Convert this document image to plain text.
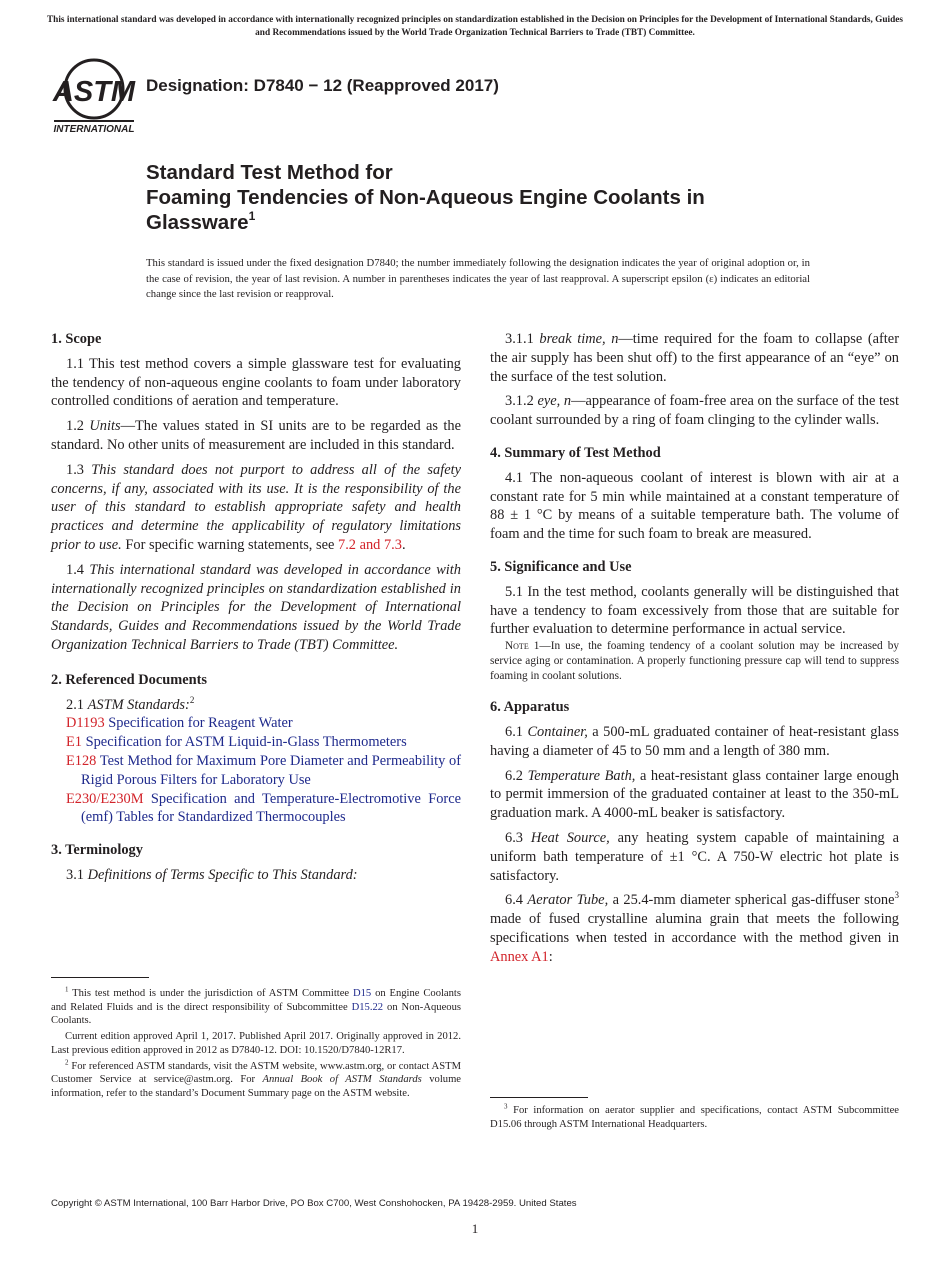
This international standard was developed in accordance with internationally recognized principles on standardization established in the Decision on Principles for the Development of International Standards, Guides and Recommendations issued by the World Trade Organization Technical Barriers to Trade (TBT) Committee.
ASTM
INTERNATIONAL
Designation: D7840 − 12 (Reapproved 2017)
Standard Test Method for
Foaming Tendencies of Non-Aqueous Engine Coolants in
Glassware$^1$
This standard is issued under the fixed designation D7840; the number immediately following the designation indicates the year of original adoption or, in the case of revision, the year of last revision. A number in parentheses indicates the year of last reapproval. A superscript epsilon (ε) indicates an editorial change since the last revision or reapproval.
1. Scope

1.1 This test method covers a simple glassware test for evaluating the tendency of non-aqueous engine coolants to foam under laboratory controlled conditions of aeration and temperature.

1.2 Units—The values stated in SI units are to be regarded as the standard. No other units of measurement are included in this standard.

1.3 This standard does not purport to address all of the safety concerns, if any, associated with its use. It is the responsibility of the user of this standard to establish appropriate safety and health practices and determine the applicability of regulatory limitations prior to use. For specific warning statements, see 7.2 and 7.3.

1.4 This international standard was developed in accordance with internationally recognized principles on standardization established in the Decision on Principles for the Development of International Standards, Guides and Recommendations issued by the World Trade Organization Technical Barriers to Trade (TBT) Committee.

2. Referenced Documents

2.1 ASTM Standards:$^2$

D1193 Specification for Reagent Water
E1 Specification for ASTM Liquid-in-Glass Thermometers
E128 Test Method for Maximum Pore Diameter and Permeability of Rigid Porous Filters for Laboratory Use
E230/E230M Specification and Temperature-Electromotive Force (emf) Tables for Standardized Thermocouples
3. Terminology

3.1 Definitions of Terms Specific to This Standard:

$^1$ This test method is under the jurisdiction of ASTM Committee D15 on Engine Coolants and Related Fluids and is the direct responsibility of Subcommittee D15.22 on Non-Aqueous Coolants.

Current edition approved April 1, 2017. Published April 2017. Originally approved in 2012. Last previous edition approved in 2012 as D7840-12. DOI: 10.1520/D7840-12R17.

$^2$ For referenced ASTM standards, visit the ASTM website, www.astm.org, or contact ASTM Customer Service at service@astm.org. For Annual Book of ASTM Standards volume information, refer to the standard’s Document Summary page on the ASTM website.

3.1.1 break time, n—time required for the foam to collapse (after the air supply has been shut off) to the first appearance of an “eye” on the surface of the test solution.

3.1.2 eye, n—appearance of foam-free area on the surface of the test coolant surrounded by a ring of foam clinging to the cylinder walls.

4. Summary of Test Method

4.1 The non-aqueous coolant of interest is blown with air at a constant rate for 5 min while maintained at a constant temperature of 88 ± 1 °C by means of a suitable temperature bath. The volume of foam and the time for such foam to break are measured.

5. Significance and Use

5.1 In the test method, coolants generally will be distinguished that have a tendency to foam excessively from those that are suitable for further evaluation to determine performance in actual service.

Note 1—In use, the foaming tendency of a coolant solution may be increased by service aging or contamination. A properly functioning pressure cap will tend to suppress foaming in coolant solutions.
6. Apparatus

6.1 Container, a 500-mL graduated container of heat-resistant glass having a diameter of 45 to 50 mm and a length of 380 mm.

6.2 Temperature Bath, a heat-resistant glass container large enough to permit immersion of the graduated container at least to the 350-mL graduation mark. A 4000-mL beaker is satisfactory.

6.3 Heat Source, any heating system capable of maintaining a uniform bath temperature of ±1 °C. A 750-W electric hot plate is satisfactory.

6.4 Aerator Tube, a 25.4-mm diameter spherical gas-diffuser stone$^3$ made of fused crystalline alumina grain that meets the following specifications when tested in accordance with the method given in Annex A1:

$^3$ For information on aerator supplier and specifications, contact ASTM Subcommittee D15.06 through ASTM International Headquarters.

Copyright © ASTM International, 100 Barr Harbor Drive, PO Box C700, West Conshohocken, PA 19428-2959. United States
1
